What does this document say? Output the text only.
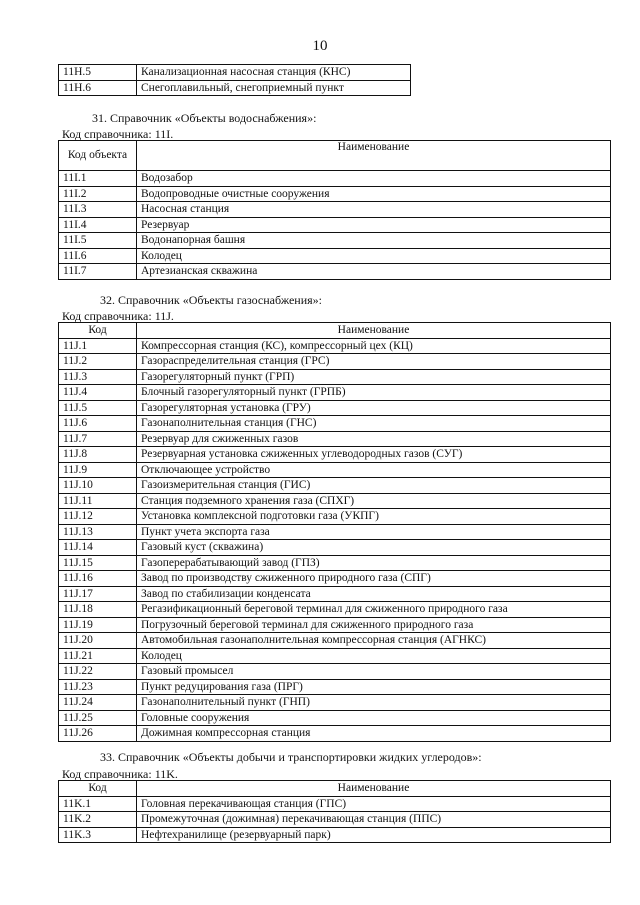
10
11H.5	Канализационная насосная станция (КНС)
11H.6	Снегоплавильный, снегоприемный пункт
31. Справочник «Объекты водоснабжения»:
Код справочника: 11I.
Код объекта	Наименование
11I.1	Водозабор
11I.2	Водопроводные очистные сооружения
11I.3	Насосная станция
11I.4	Резервуар
11I.5	Водонапорная башня
11I.6	Колодец
11I.7	Артезианская скважина
32. Справочник «Объекты газоснабжения»:
Код справочника: 11J.
Код	Наименование
11J.1	Компрессорная станция (КС), компрессорный цех (КЦ)
11J.2	Газораспределительная станция (ГРС)
11J.3	Газорегуляторный пункт (ГРП)
11J.4	Блочный газорегуляторный пункт (ГРПБ)
11J.5	Газорегуляторная установка (ГРУ)
11J.6	Газонаполнительная станция (ГНС)
11J.7	Резервуар для сжиженных газов
11J.8	Резервуарная установка сжиженных углеводородных газов (СУГ)
11J.9	Отключающее устройство
11J.10	Газоизмерительная станция (ГИС)
11J.11	Станция подземного хранения газа (СПХГ)
11J.12	Установка комплексной подготовки газа (УКПГ)
11J.13	Пункт учета экспорта газа
11J.14	Газовый куст (скважина)
11J.15	Газоперерабатывающий завод (ГПЗ)
11J.16	Завод по производству сжиженного природного газа (СПГ)
11J.17	Завод по стабилизации конденсата
11J.18	Регазификационный береговой терминал для сжиженного природного газа
11J.19	Погрузочный береговой терминал для сжиженного природного газа
11J.20	Автомобильная газонаполнительная компрессорная станция (АГНКС)
11J.21	Колодец
11J.22	Газовый промысел
11J.23	Пункт редуцирования газа (ПРГ)
11J.24	Газонаполнительный пункт (ГНП)
11J.25	Головные сооружения
11J.26	Дожимная компрессорная станция
33. Справочник «Объекты добычи и транспортировки жидких углеродов»:
Код справочника: 11K.
Код	Наименование
11K.1	Головная перекачивающая станция (ГПС)
11K.2	Промежуточная (дожимная) перекачивающая станция (ППС)
11K.3	Нефтехранилище (резервуарный парк)
